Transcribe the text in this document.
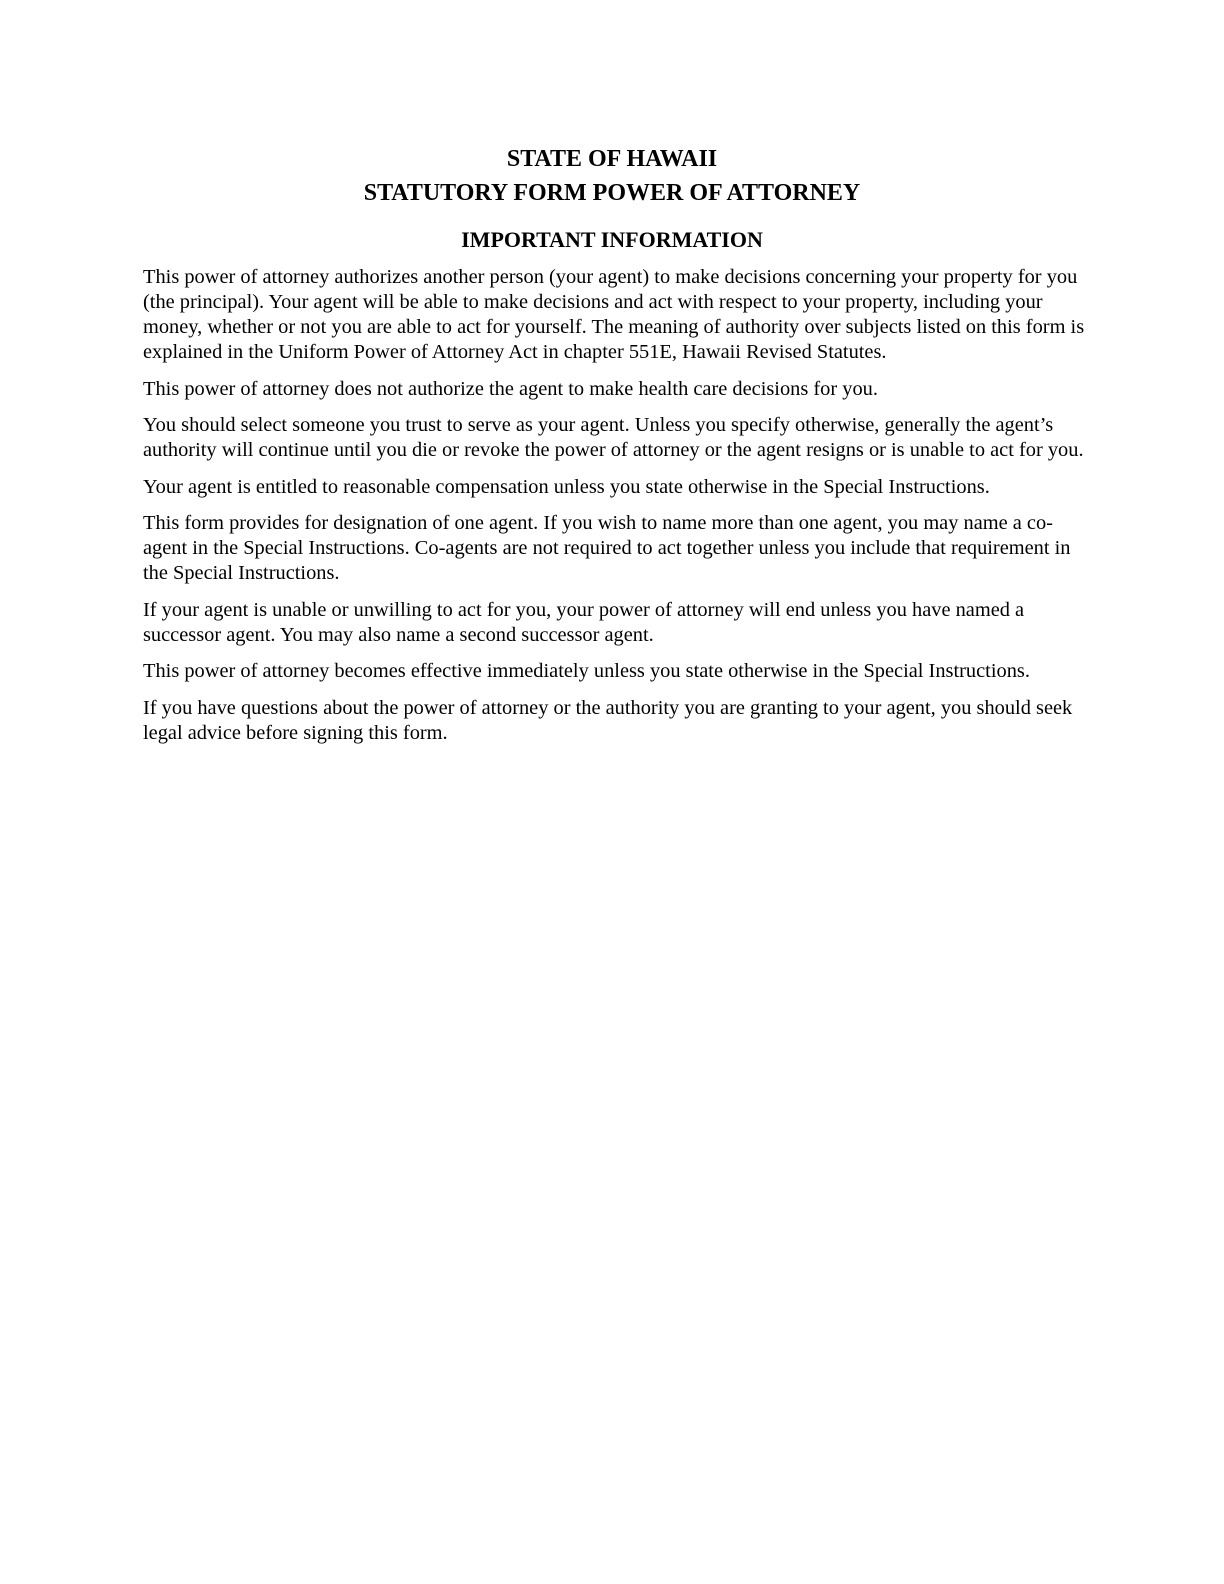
STATE OF HAWAII

STATUTORY FORM POWER OF ATTORNEY

IMPORTANT INFORMATION

This power of attorney authorizes another person (your agent) to make decisions concerning your property for you (the principal). Your agent will be able to make decisions and act with respect to your property, including your money, whether or not you are able to act for yourself. The meaning of authority over subjects listed on this form is explained in the Uniform Power of Attorney Act in chapter 551E, Hawaii Revised Statutes.

This power of attorney does not authorize the agent to make health care decisions for you.

You should select someone you trust to serve as your agent. Unless you specify otherwise, generally the agent’s authority will continue until you die or revoke the power of attorney or the agent resigns or is unable to act for you.

Your agent is entitled to reasonable compensation unless you state otherwise in the Special Instructions.

This form provides for designation of one agent. If you wish to name more than one agent, you may name a co-agent in the Special Instructions. Co-agents are not required to act together unless you include that requirement in the Special Instructions.

If your agent is unable or unwilling to act for you, your power of attorney will end unless you have named a successor agent. You may also name a second successor agent.

This power of attorney becomes effective immediately unless you state otherwise in the Special Instructions.

If you have questions about the power of attorney or the authority you are granting to your agent, you should seek legal advice before signing this form.
